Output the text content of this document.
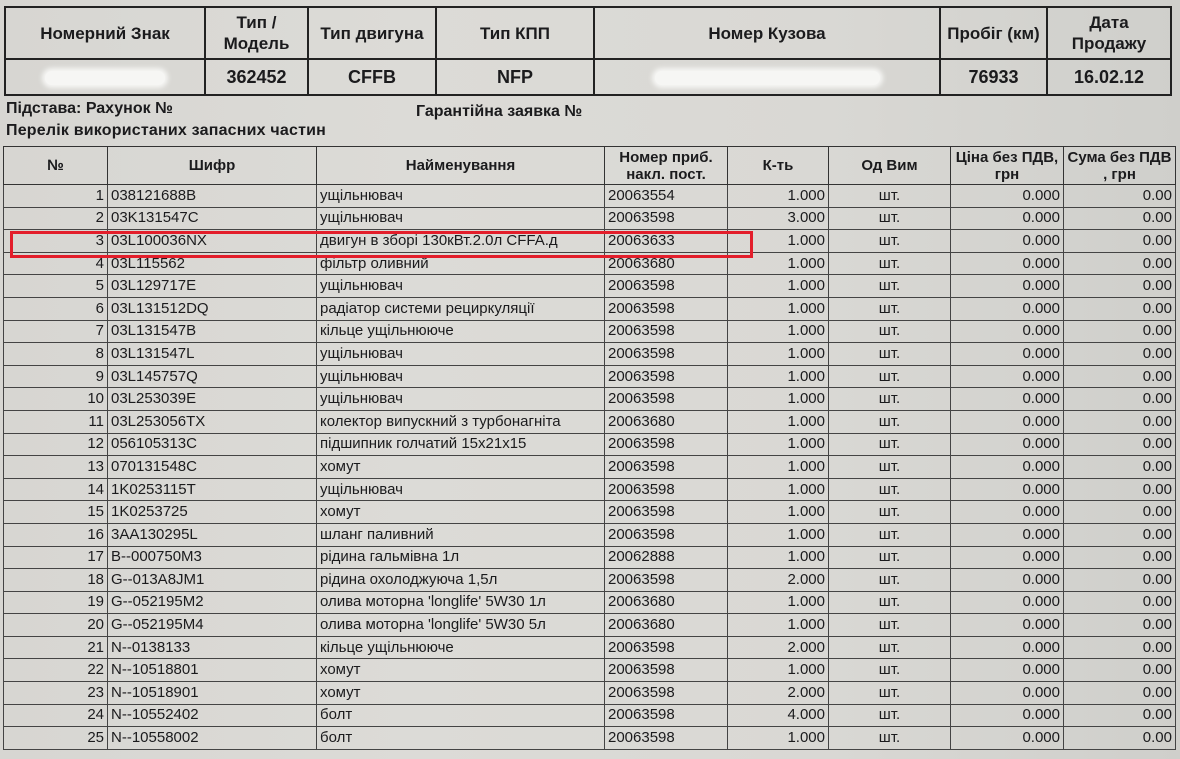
Номерний Знак	Тип / Модель	Тип двигуна	Тип КПП	Номер Кузова	Пробіг (км)	Дата Продажу
	362452	CFFB	NFP		76933	16.02.12
Підстава: Рахунок №	Гарантійна заявка №
Перелік використаних запасних частин
№	Шифр	Найменування	Номер приб. накл. пост.	К-ть	Од Вим	Ціна без ПДВ, грн	Сума без ПДВ , грн
1	038121688B	ущільнювач	20063554	1.000	шт.	0.000	0.00
2	03K131547C	ущільнювач	20063598	3.000	шт.	0.000	0.00
3	03L100036NX	двигун в зборі 130кВт.2.0л CFFA.д	20063633	1.000	шт.	0.000	0.00
4	03L115562	фільтр оливний	20063680	1.000	шт.	0.000	0.00
5	03L129717E	ущільнювач	20063598	1.000	шт.	0.000	0.00
6	03L131512DQ	радіатор системи рециркуляції	20063598	1.000	шт.	0.000	0.00
7	03L131547B	кільце ущільнююче	20063598	1.000	шт.	0.000	0.00
8	03L131547L	ущільнювач	20063598	1.000	шт.	0.000	0.00
9	03L145757Q	ущільнювач	20063598	1.000	шт.	0.000	0.00
10	03L253039E	ущільнювач	20063598	1.000	шт.	0.000	0.00
11	03L253056TX	колектор випускний з турбонагніта	20063680	1.000	шт.	0.000	0.00
12	056105313C	підшипник голчатий 15x21x15	20063598	1.000	шт.	0.000	0.00
13	070131548C	хомут	20063598	1.000	шт.	0.000	0.00
14	1K0253115T	ущільнювач	20063598	1.000	шт.	0.000	0.00
15	1K0253725	хомут	20063598	1.000	шт.	0.000	0.00
16	3AA130295L	шланг паливний	20063598	1.000	шт.	0.000	0.00
17	B--000750M3	рідина гальмівна 1л	20062888	1.000	шт.	0.000	0.00
18	G--013A8JM1	рідина охолоджуюча 1,5л	20063598	2.000	шт.	0.000	0.00
19	G--052195M2	олива моторна 'longlife' 5W30 1л	20063680	1.000	шт.	0.000	0.00
20	G--052195M4	олива моторна 'longlife' 5W30 5л	20063680	1.000	шт.	0.000	0.00
21	N--0138133	кільце ущільнююче	20063598	2.000	шт.	0.000	0.00
22	N--10518801	хомут	20063598	1.000	шт.	0.000	0.00
23	N--10518901	хомут	20063598	2.000	шт.	0.000	0.00
24	N--10552402	болт	20063598	4.000	шт.	0.000	0.00
25	N--10558002	болт	20063598	1.000	шт.	0.000	0.00
